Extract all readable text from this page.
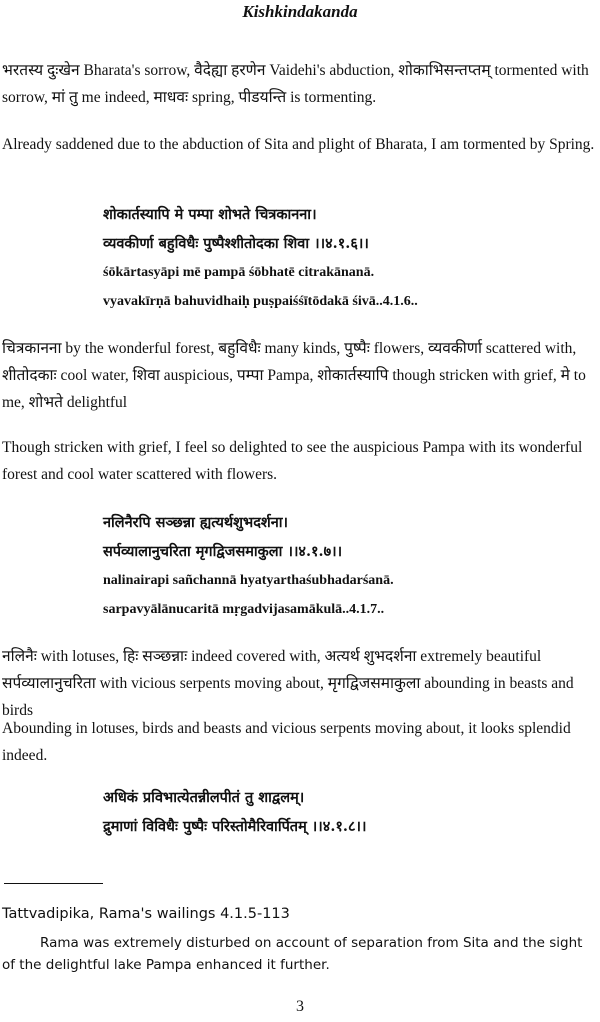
Kishkindakanda
भरतस्य दुःखेन Bharata's sorrow, वैदेह्या हरणेन Vaidehi's abduction, शोकाभिसन्तप्तम् tormented with sorrow, मां तु me indeed, माधवः spring, पीडयन्ति is tormenting.
Already saddened due to the abduction of Sita and plight of Bharata, I am tormented by Spring.
शोकार्तस्यापि मे पम्पा शोभते चित्रकानना।
व्यवकीर्णा बहुविधैः पुष्पैश्शीतोदका शिवा ।।४.१.६।।
śōkārtasyāpi mē pampā śōbhatē citrakānanā.
vyavakīrṇā bahuvidhaiḥ puṣpaiśśītōdakā śivā..4.1.6..
चित्रकानना by the wonderful forest, बहुविधैः many kinds, पुष्पैः flowers, व्यवकीर्णा scattered with, शीतोदकाः cool water, शिवा auspicious, पम्पा Pampa, शोकार्तस्यापि though stricken with grief, मे to me, शोभते delightful
Though stricken with grief, I feel so delighted to see the auspicious Pampa with its wonderful forest and cool water scattered with flowers.
नलिनैरपि सञ्छन्ना ह्यत्यर्थशुभदर्शना।
सर्पव्यालानुचरिता मृगद्विजसमाकुला ।।४.१.७।।
nalinairapi sañchannā hyatyarthaśubhadarśanā.
sarpavyālānucaritā mṛgadvijasamākulā..4.1.7..
नलिनैः with lotuses, हिः सञ्छन्नाः indeed covered with, अत्यर्थ शुभदर्शना extremely beautiful सर्पव्यालानुचरिता with vicious serpents moving about, मृगद्विजसमाकुला abounding in beasts and birds
Abounding in lotuses, birds and beasts and vicious serpents moving about, it looks splendid indeed.
अधिकं प्रविभात्येतन्नीलपीतं तु शाद्वलम्।
द्रुमाणां विविधैः पुष्पैः परिस्तोमैरिवार्पितम् ।।४.१.८।।
Tattvadipika, Rama's wailings 4.1.5-113
Rama was extremely disturbed on account of separation from Sita and the sight of the delightful lake Pampa enhanced it further.
3
